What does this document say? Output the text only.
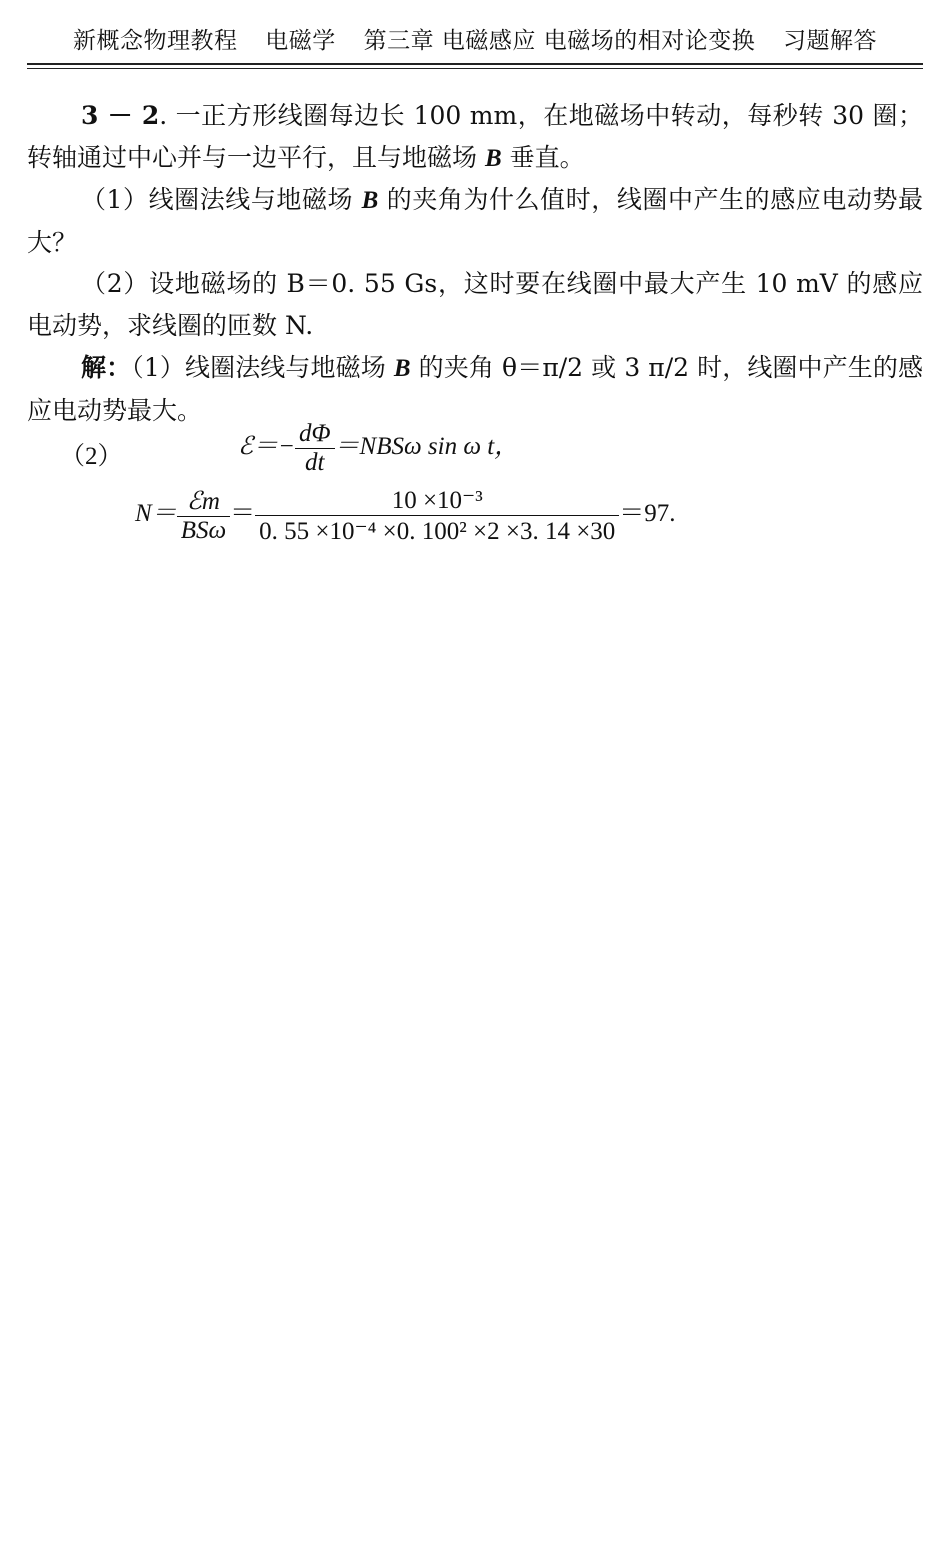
新概念物理教程 电磁学 第三章 电磁感应 电磁场的相对论变换 习题解答
3 － 2. 一正方形线圈每边长 100 mm，在地磁场中转动，每秒转 30 圈；转轴通过中心并与一边平行，且与地磁场 B 垂直。
（1）线圈法线与地磁场 B 的夹角为什么值时，线圈中产生的感应电动势最大？
（2）设地磁场的 B＝0. 55 Gs，这时要在线圈中最大产生 10 mV 的感应电动势，求线圈的匝数 N.
解：（1）线圈法线与地磁场 B 的夹角 θ＝π/2 或 3 π/2 时，线圈中产生的感应电动势最大。
（2）	ℰ＝− $\frac{d\Phi}{dt} =NBS\omega$ sin ω t，
$N= \frac{\text{ℰm}}{\text{BSω}} = \frac{\text{10 ×10⁻³}}{\text{0. 55 ×10⁻⁴ ×0. 100² ×2 ×3. 14 ×30}} =97$.
